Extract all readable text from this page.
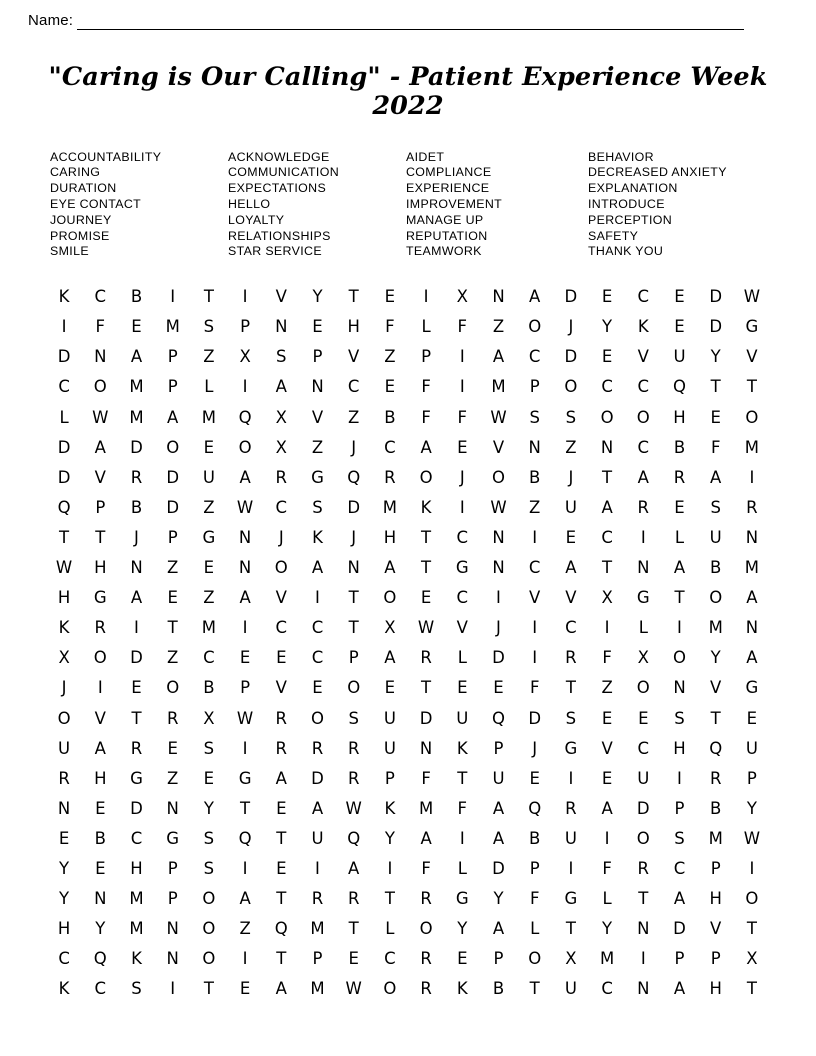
Name:
"Caring is Our Calling" - Patient Experience Week 2022
ACCOUNTABILITY
CARING
DURATION
EYE CONTACT
JOURNEY
PROMISE
SMILE
ACKNOWLEDGE
COMMUNICATION
EXPECTATIONS
HELLO
LOYALTY
RELATIONSHIPS
STAR SERVICE
AIDET
COMPLIANCE
EXPERIENCE
IMPROVEMENT
MANAGE UP
REPUTATION
TEAMWORK
BEHAVIOR
DECREASED ANXIETY
EXPLANATION
INTRODUCE
PERCEPTION
SAFETY
THANK YOU
K	C	B	I	T	I	V	Y	T	E	I	X	N	A	D	E	C	E	D	W
I	F	E	M	S	P	N	E	H	F	L	F	Z	O	J	Y	K	E	D	G
D	N	A	P	Z	X	S	P	V	Z	P	I	A	C	D	E	V	U	Y	V
C	O	M	P	L	I	A	N	C	E	F	I	M	P	O	C	C	Q	T	T
L	W	M	A	M	Q	X	V	Z	B	F	F	W	S	S	O	O	H	E	O
D	A	D	O	E	O	X	Z	J	C	A	E	V	N	Z	N	C	B	F	M
D	V	R	D	U	A	R	G	Q	R	O	J	O	B	J	T	A	R	A	I
Q	P	B	D	Z	W	C	S	D	M	K	I	W	Z	U	A	R	E	S	R
T	T	J	P	G	N	J	K	J	H	T	C	N	I	E	C	I	L	U	N
W	H	N	Z	E	N	O	A	N	A	T	G	N	C	A	T	N	A	B	M
H	G	A	E	Z	A	V	I	T	O	E	C	I	V	V	X	G	T	O	A
K	R	I	T	M	I	C	C	T	X	W	V	J	I	C	I	L	I	M	N
X	O	D	Z	C	E	E	C	P	A	R	L	D	I	R	F	X	O	Y	A
J	I	E	O	B	P	V	E	O	E	T	E	E	F	T	Z	O	N	V	G
O	V	T	R	X	W	R	O	S	U	D	U	Q	D	S	E	E	S	T	E
U	A	R	E	S	I	R	R	R	U	N	K	P	J	G	V	C	H	Q	U
R	H	G	Z	E	G	A	D	R	P	F	T	U	E	I	E	U	I	R	P
N	E	D	N	Y	T	E	A	W	K	M	F	A	Q	R	A	D	P	B	Y
E	B	C	G	S	Q	T	U	Q	Y	A	I	A	B	U	I	O	S	M	W
Y	E	H	P	S	I	E	I	A	I	F	L	D	P	I	F	R	C	P	I
Y	N	M	P	O	A	T	R	R	T	R	G	Y	F	G	L	T	A	H	O
H	Y	M	N	O	Z	Q	M	T	L	O	Y	A	L	T	Y	N	D	V	T
C	Q	K	N	O	I	T	P	E	C	R	E	P	O	X	M	I	P	P	X
K	C	S	I	T	E	A	M	W	O	R	K	B	T	U	C	N	A	H	T
